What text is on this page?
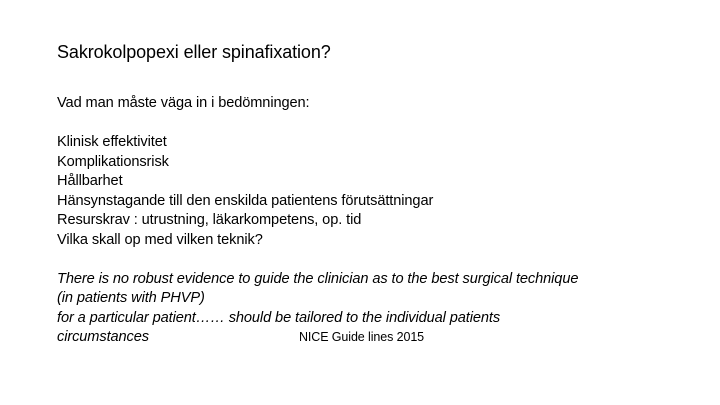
Sakrokolpopexi eller spinafixation?
Vad man måste väga in i bedömningen:
Klinisk effektivitet
Komplikationsrisk
Hållbarhet
Hänsynstagande till den enskilda patientens förutsättningar
Resurskrav : utrustning, läkarkompetens, op. tid
Vilka skall op med vilken teknik?
There is no robust evidence to guide the clinician as to the best surgical technique
(in patients with PHVP)
for a particular patient…… should be tailored to the individual patients
circumstances	NICE Guide lines 2015
